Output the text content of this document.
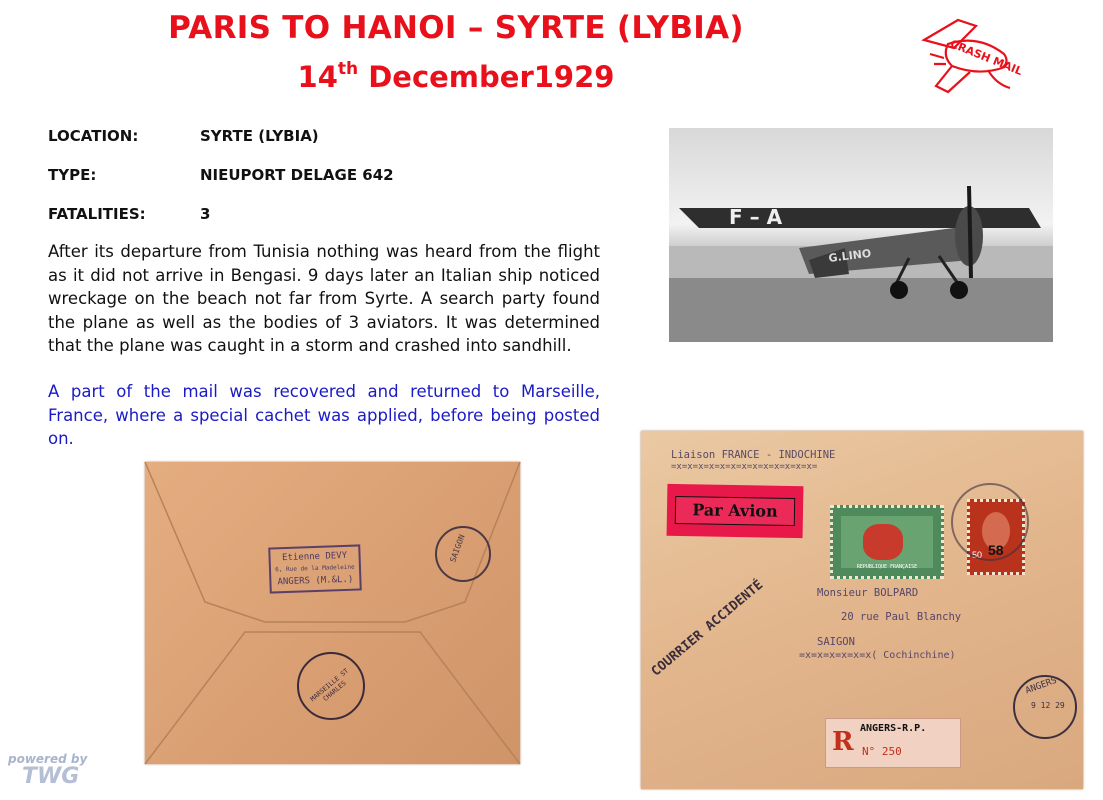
PARIS TO HANOI – SYRTE (LYBIA)
14th December1929	CRASH MAIL
LOCATION:	SYRTE (LYBIA)
TYPE:	NIEUPORT DELAGE 642
FATALITIES:	3
After its departure from Tunisia nothing was heard from the flight as it did not arrive in Bengasi. 9 days later an Italian ship noticed wreckage on the beach not far from Syrte. A search party found the plane as well as the bodies of 3 aviators. It was determined that the plane was caught in a storm and crashed into sandhill.
A part of the mail was recovered and returned to Marseille, France, where a special cachet was applied, before being posted on.
F – A
G.LINO
Etienne DEVY
6, Rue de la Madeleine
ANGERS (M.&L.)
SAIGON
MARSEILLE ST CHARLES
Liaison FRANCE - INDOCHINE
=x=x=x=x=x=x=x=x=x=x=x=x=x=
Par Avion
REPUBLIQUE FRANÇAISE
50 58
COURRIER ACCIDENTÉ	Monsieur BOLPARD
20 rue Paul Blanchy
SAIGON
=x=x=x=x=x=x( Cochinchine)
R ANGERS-R.P.
N° 250
ANGERS
9 12 29
powered by
TWG
